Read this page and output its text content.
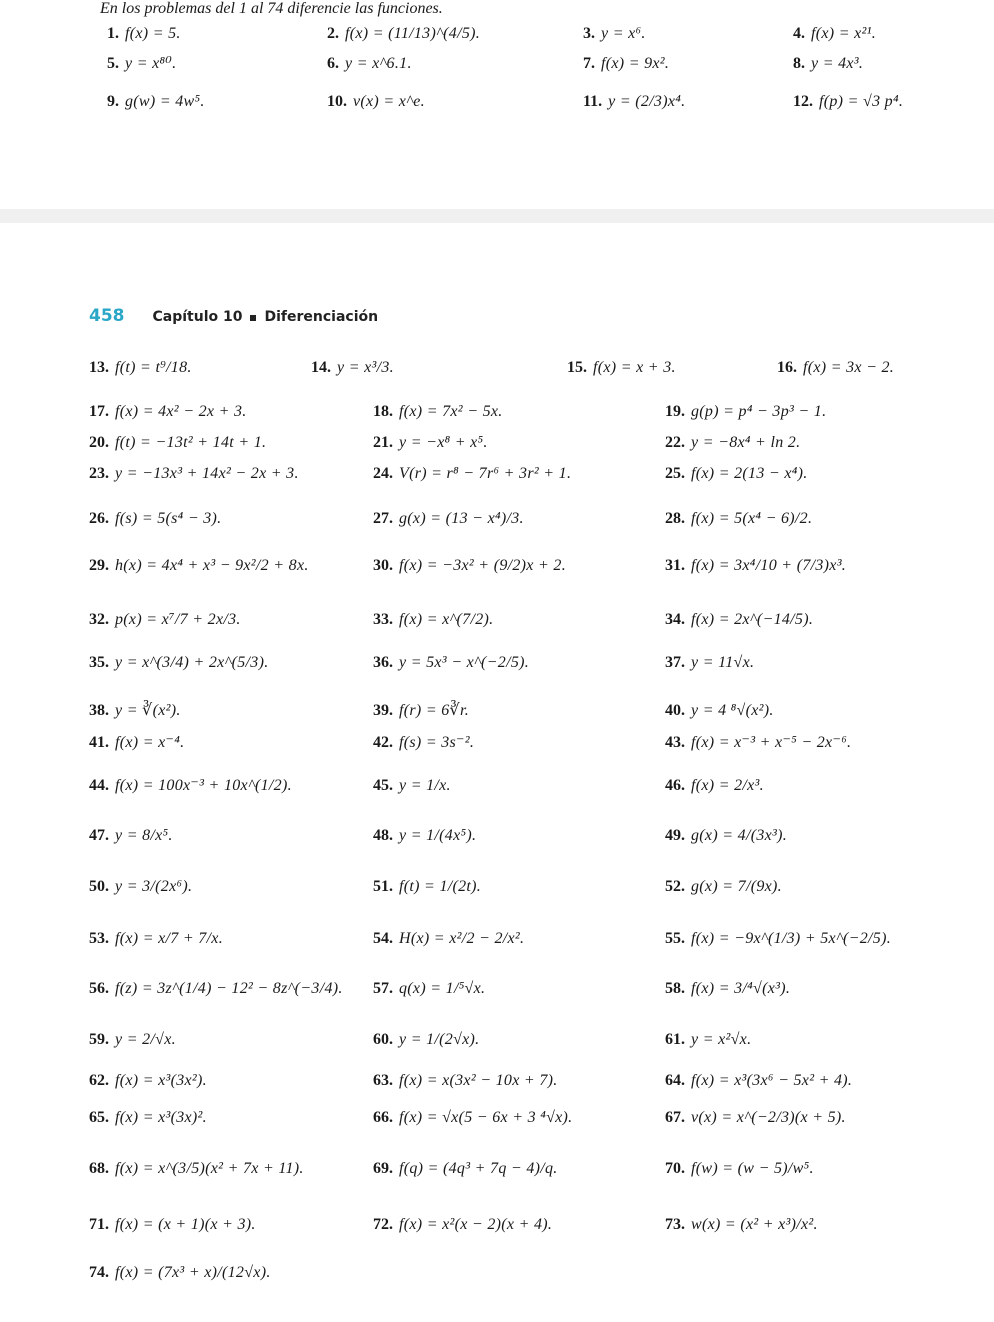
En los problemas del 1 al 74 diferencie las funciones.
458 Capítulo 10 Diferenciación
1. f(x) = 5.	2. f(x) = (11/13)^(4/5).	3. y = x⁶.	4. f(x) = x²¹.
5. y = x⁸⁰.	6. y = x^6.1.	7. f(x) = 9x².	8. y = 4x³.
9. g(w) = 4w⁵.	10. v(x) = x^e.	11. y = (2/3)x⁴.	12. f(p) = √3 p⁴.
13. f(t) = t⁹/18.	14. y = x³/3.	15. f(x) = x + 3.	16. f(x) = 3x − 2.
17. f(x) = 4x² − 2x + 3.	18. f(x) = 7x² − 5x.	19. g(p) = p⁴ − 3p³ − 1.
20. f(t) = −13t² + 14t + 1.	21. y = −x⁸ + x⁵.	22. y = −8x⁴ + ln 2.
23. y = −13x³ + 14x² − 2x + 3.	24. V(r) = r⁸ − 7r⁶ + 3r² + 1.	25. f(x) = 2(13 − x⁴).
26. f(s) = 5(s⁴ − 3).	27. g(x) = (13 − x⁴)/3.	28. f(x) = 5(x⁴ − 6)/2.
29. h(x) = 4x⁴ + x³ − 9x²/2 + 8x.	30. f(x) = −3x² + (9/2)x + 2.	31. f(x) = 3x⁴/10 + (7/3)x³.
32. p(x) = x⁷/7 + 2x/3.	33. f(x) = x^(7/2).	34. f(x) = 2x^(−14/5).
35. y = x^(3/4) + 2x^(5/3).	36. y = 5x³ − x^(−2/5).	37. y = 11√x.
38. y = ∛(x²).	39. f(r) = 6∛r.	40. y = 4 ⁸√(x²).
41. f(x) = x⁻⁴.	42. f(s) = 3s⁻².	43. f(x) = x⁻³ + x⁻⁵ − 2x⁻⁶.
44. f(x) = 100x⁻³ + 10x^(1/2).	45. y = 1/x.	46. f(x) = 2/x³.
47. y = 8/x⁵.	48. y = 1/(4x⁵).	49. g(x) = 4/(3x³).
50. y = 3/(2x⁶).	51. f(t) = 1/(2t).	52. g(x) = 7/(9x).
53. f(x) = x/7 + 7/x.	54. H(x) = x²/2 − 2/x².	55. f(x) = −9x^(1/3) + 5x^(−2/5).
56. f(z) = 3z^(1/4) − 12² − 8z^(−3/4). 57. q(x) = 1/⁵√x.	58. f(x) = 3/⁴√(x³).
59. y = 2/√x.	60. y = 1/(2√x).	61. y = x²√x.
62. f(x) = x³(3x²).	63. f(x) = x(3x² − 10x + 7).	64. f(x) = x³(3x⁶ − 5x² + 4).
65. f(x) = x³(3x)².	66. f(x) = √x(5 − 6x + 3 ⁴√x).	67. v(x) = x^(−2/3)(x + 5).
68. f(x) = x^(3/5)(x² + 7x + 11).	69. f(q) = (4q³ + 7q − 4)/q.	70. f(w) = (w − 5)/w⁵.
71. f(x) = (x + 1)(x + 3).	72. f(x) = x²(x − 2)(x + 4).	73. w(x) = (x² + x³)/x².
74. f(x) = (7x³ + x)/(12√x).
